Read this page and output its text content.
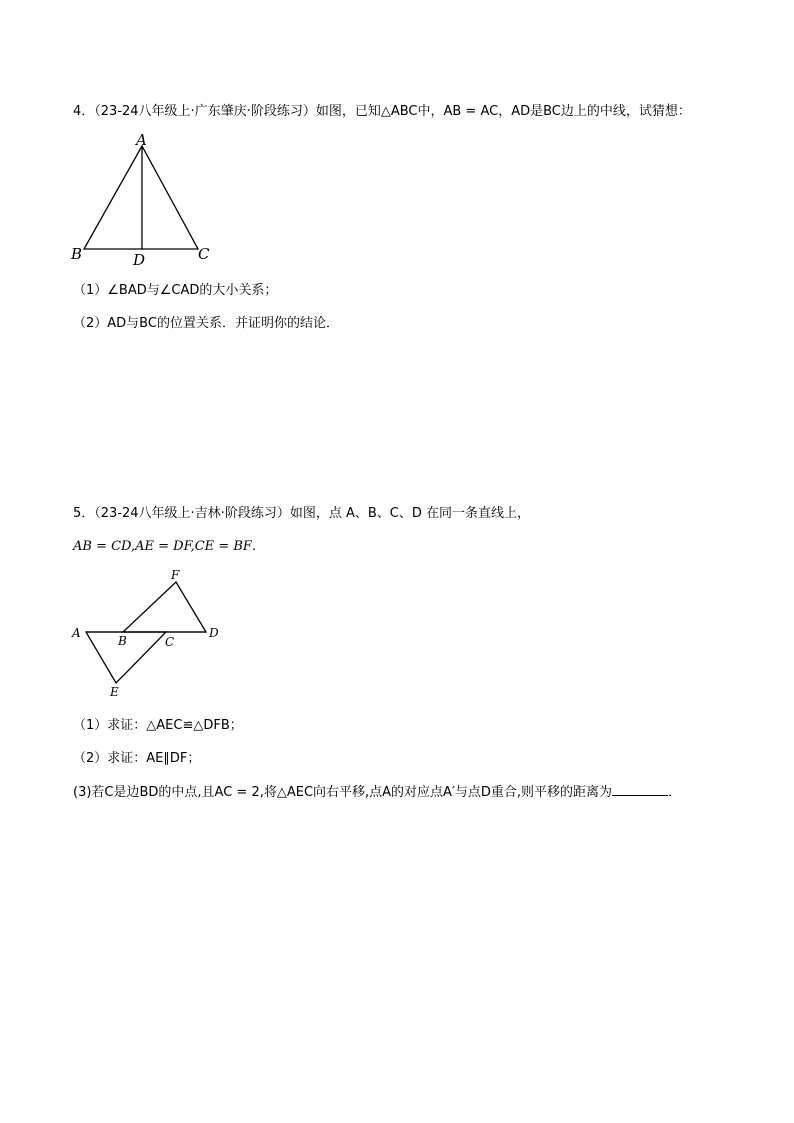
4．（23-24八年级上·广东肇庆·阶段练习）如图，已知△ABC中，AB = AC，AD是BC边上的中线，试猜想：
A
B	C
D
（1）∠BAD与∠CAD的大小关系；
（2）AD与BC的位置关系．并证明你的结论．
5．（23-24八年级上·吉林·阶段练习）如图，点 A、B、C、D 在同一条直线上，
AB = CD,AE = DF,CE = BF．
A
B	C
D
E
F
（1）求证：△AEC≌△DFB；
（2）求证：AE∥DF；
(3)若C是边BD的中点,且AC = 2,将△AEC向右平移,点A的对应点A′与点D重合,则平移的距离为	．
